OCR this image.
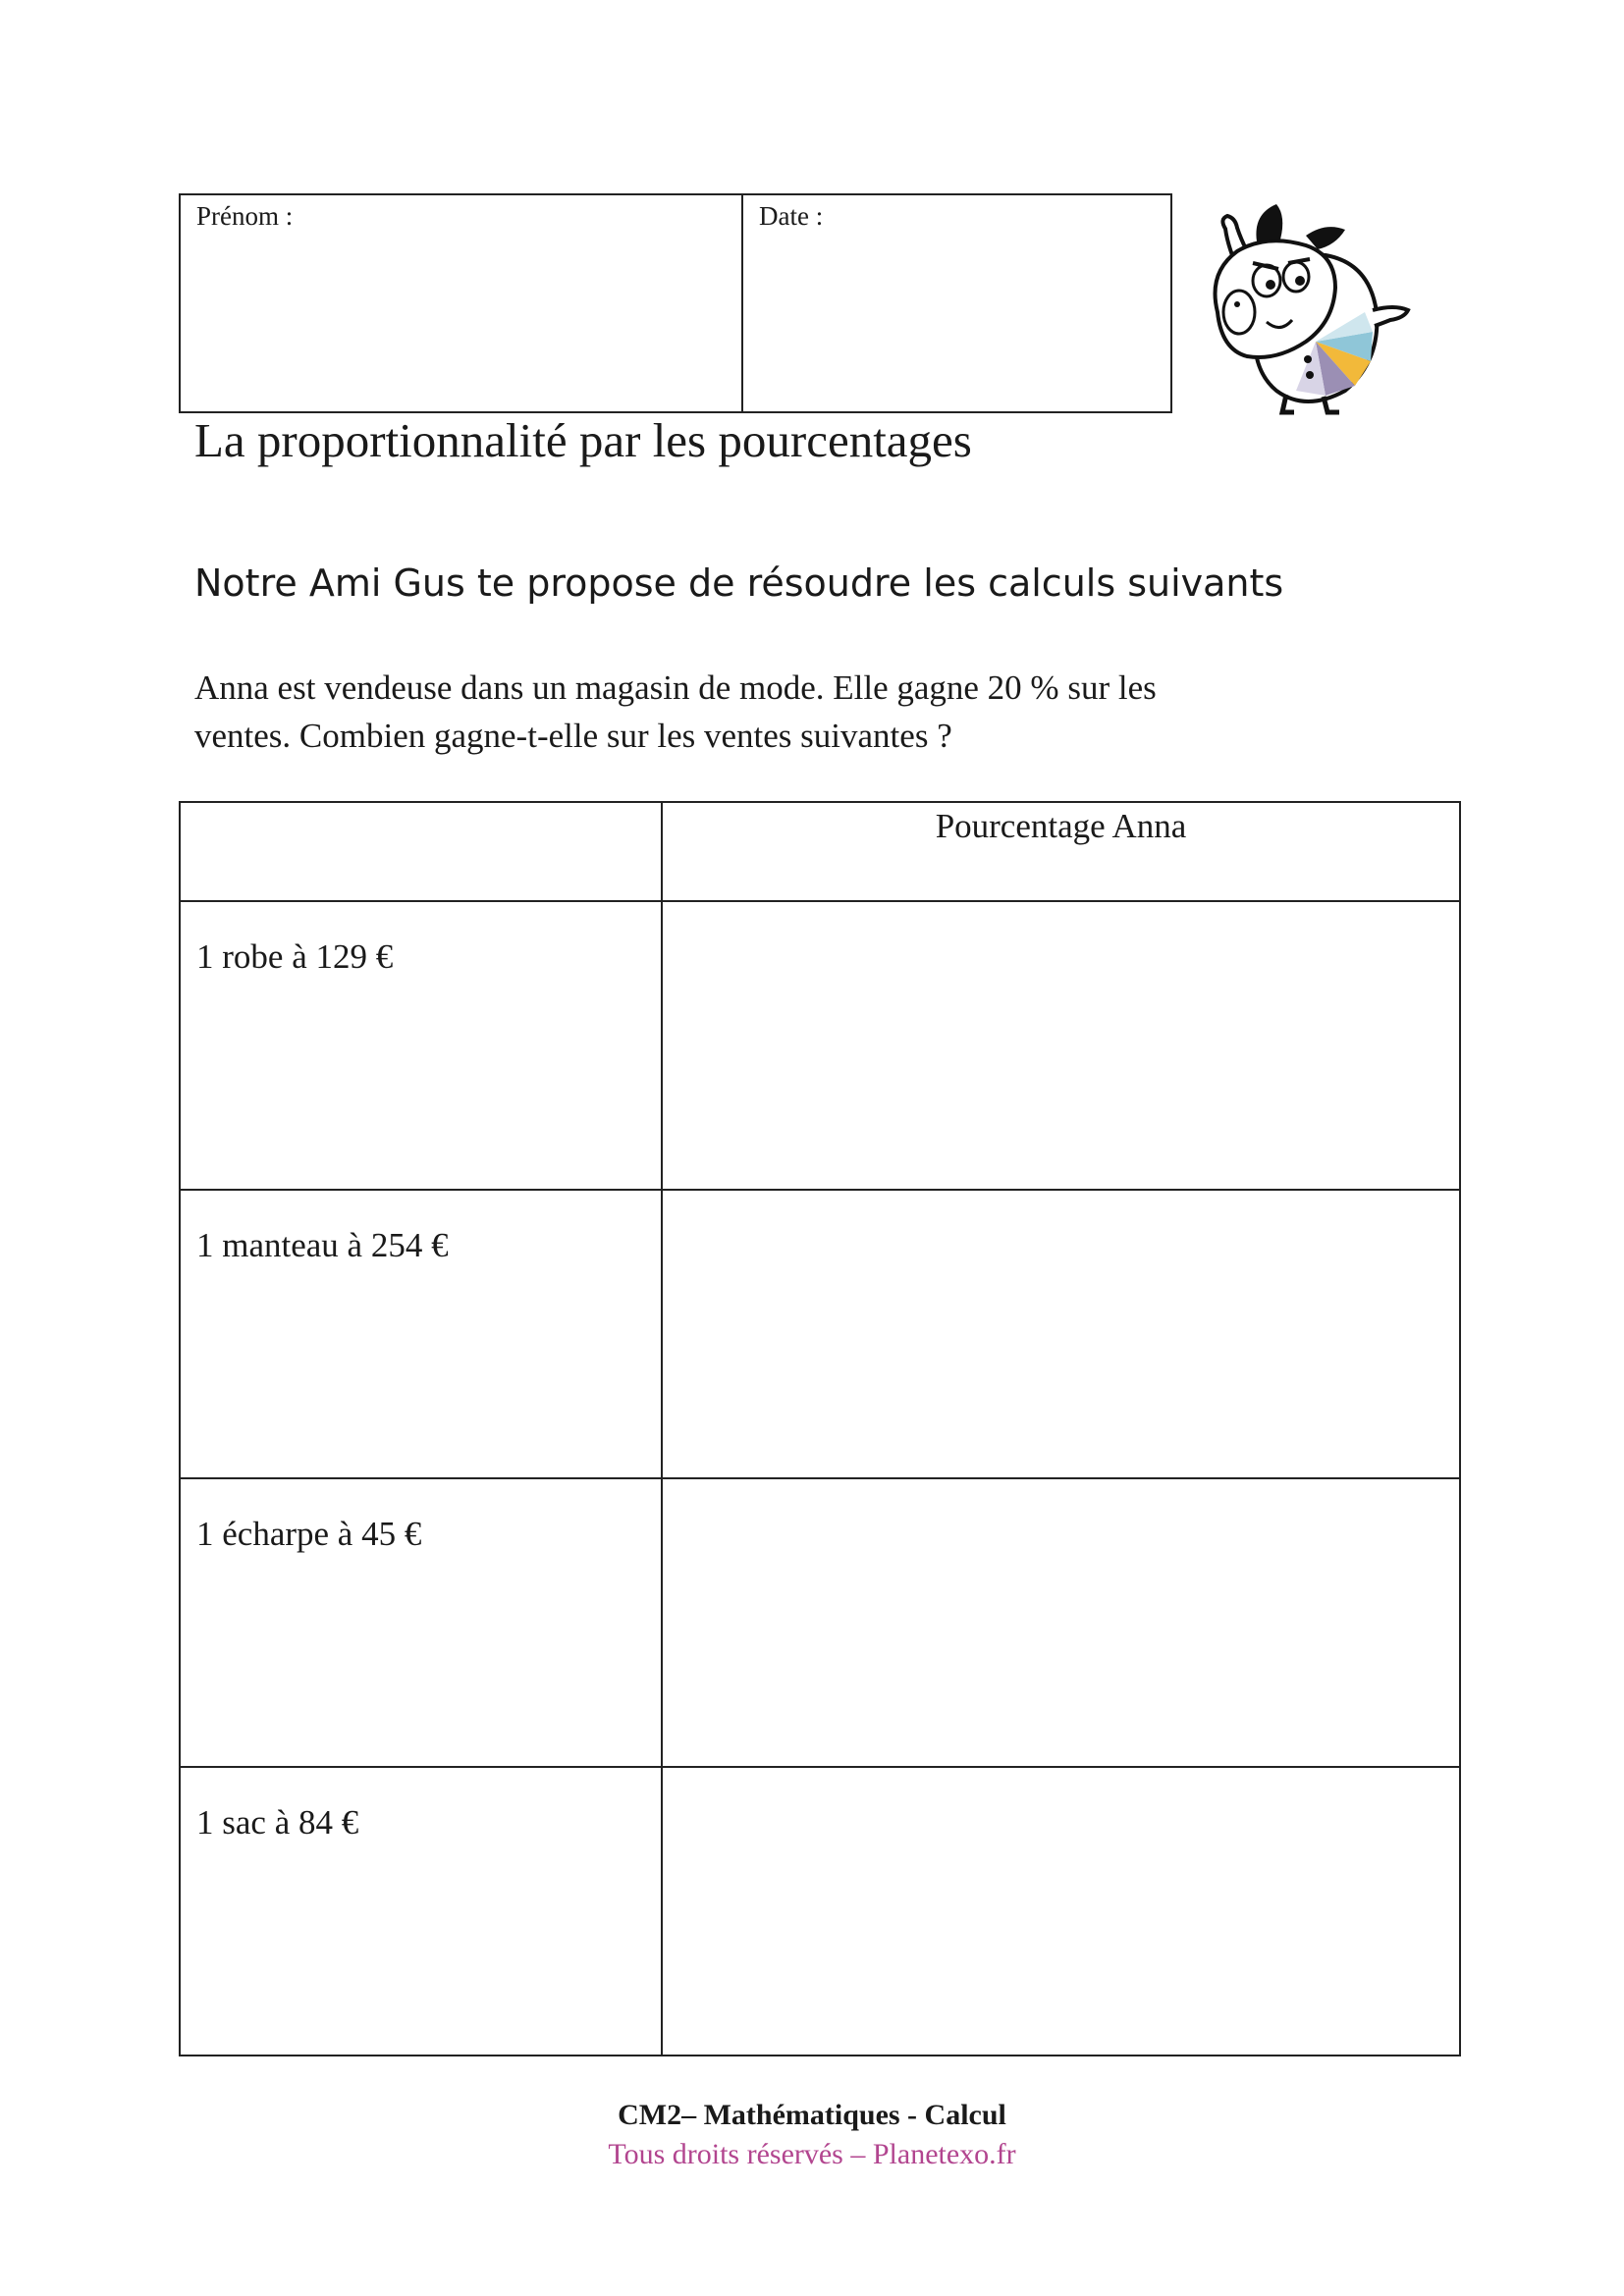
Prénom :	Date :
La proportionnalité par les pourcentages
Notre Ami Gus te propose de résoudre les calculs suivants
Anna est vendeuse dans un magasin de mode. Elle gagne 20 % sur les
ventes. Combien gagne-t-elle sur les ventes suivantes ?
	Pourcentage Anna
1 robe à 129 €	
1 manteau à 254 €	
1 écharpe à 45 €	
1 sac à 84 €	
CM2– Mathématiques - Calcul
Tous droits réservés – Planetexo.fr
